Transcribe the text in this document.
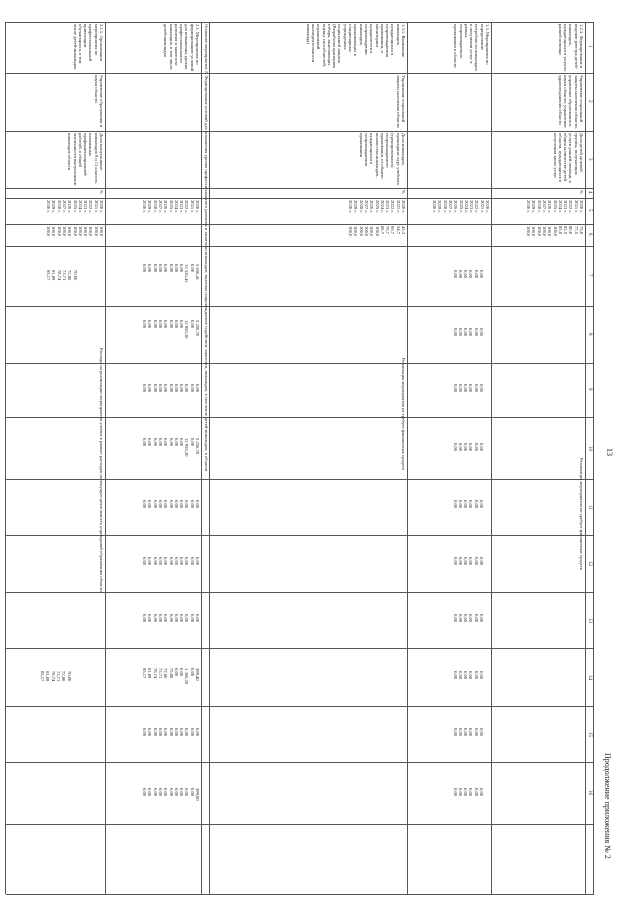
13
Продолжение приложения № 2
1
2
3
4
5
6
7
8
9
10
11
12
13
14
15
16
1.2.3. Формирование и ведение реестра детей-инвалидов, нуждающихся в услугах ранней помощи
Управление социальной защиты населения области, управление образования и науки области, управление здравоохранения области
Доля детей целевой группы, получающих услуги ранней помощи, в общем количестве детей области, нуждающихся в получении таких услуг
%
2020 г.
2021 г.
2022 г.
2023 г.
2024 г.
2025 г.
2026 г.
2027 г.
2028 г.
2029 г.
2030 г.
75,0
77,5
80,0
82,5
85,0
100,0
100,0
100,0
100,0
100,0
100,0
Реализация мероприятия не требует финансовых средств
1.3. Мероприятия по определению потребности инвалидов в получении услуг в рамках сопровождаемого проживания в области
2020 г.
2021 г.
2022 г.
2023 г.
2024 г.
2025 г.
2026 г.
2027 г.
2028 г.
2029 г.
2030 г.
0,00
0,00
0,00
0,00
0,00
0,00
0,00
0,00
0,00
0,00
0,00
0,00
0,00
0,00
0,00
0,00
0,00
0,00
0,00
0,00
0,00
0,00
0,00
0,00
0,00
0,00
0,00
0,00
0,00
0,00
0,00
0,00
0,00
0,00
0,00
0,00
0,00
0,00
0,00
0,00
0,00
0,00
0,00
0,00
0,00
0,00
0,00
0,00
0,00
0,00
0,00
0,00
0,00
0,00
0,00
0,00
0,00
0,00
0,00
0,00
1.3.1. Выявление инвалидов, нуждающихся в сопровождаемом проживании, и мониторинг нуждаемости в сопровождении инвалидов, проживающих в стационарных учреждениях социальной защиты (Разработка критериев отбора, включающих оценку способностей, ограничений жизнедеятельности инвалида)
Управление социальной защиты населения области
Доля инвалидов, прошедших курс учебного (тренировочного) сопровождаемого проживания, от общего количества инвалидов, нуждающихся в сопровождаемом проживании
%
2020 г.
2021 г.
2022 г.
2023 г.
2024 г.
2025 г.
2026 г.
2027 г.
2028 г.
2029 г.
2030 г.
43,3
54,7
66,7
76,7
86,7
100,0
100,0
100,0
100,0
100,0
100,0
Реализация мероприятия не требует финансовых средств
Основное мероприятие 2. Формирование условий для повышения уровня профессионального развития и занятости инвалидов, включая сопровождаемое содействие занятости, инвалидов, в том числе детей-инвалидов, в области
2.1. Мероприятия по формированию условий для повышения уровня профессионального развития и занятости инвалидов, в том числе детей-инвалидов
2020 г.
2021 г.
2022 г.
2023 г.
2024 г.
2025 г.
2026 г.
2027 г.
2028 г.
2029 г.
2030 г.
5 656,41
0,00
13 335,43
0,00
0,00
0,00
0,00
0,00
0,00
0,00
0,00
5 256,70
0,00
12 956,30
0,00
0,00
0,00
0,00
0,00
0,00
0,00
0,00
0,00
0,00
0,00
0,00
0,00
0,00
0,00
0,00
0,00
0,00
0,00
5 256,70
0,00
12 956,20
0,00
0,00
0,00
0,00
0,00
0,00
0,00
0,00
0,00
0,00
0,00
0,00
0,00
0,00
0,00
0,00
0,00
0,00
0,00
0,00
0,00
0,00
0,00
0,00
0,00
0,00
0,00
0,00
0,00
0,00
0,00
0,00
0,00
0,00
0,00
0,00
0,00
0,00
0,00
0,00
0,00
399,40
0,00
1 366,20
0,00
0,00
75,80
72,80
73,71
78,74
81,89
85,17
0,00
0,00
0,00
0,00
0,00
0,00
0,00
0,00
0,00
0,00
0,00
399,00
0,00
0,00
0,00
0,00
0,00
0,00
0,00
0,00
0,00
0,00
2.1.1. Организация мероприятия по профессиональной ориентации обучающихся, в том числе детей-инвалидов
Управление образования и науки области
Доля выпускников-инвалидов 9 и 11 классов, охваченных профориентационной работой, в общей численности выпускников-инвалидов области
%
2020 г.
2021 г.
2022 г.
2023 г.
2024 г.
2025 г.
2026 г.
2027 г.
2028 г.
2029 г.
2030 г.
100,0
100,0
100,0
100,0
100,0
100,0
100,0
100,0
100,0
100,0
100,0

70,00
72,80
73,71
78,74
81,89
85,17
Расходы на реализацию мероприятия учтены в рамках расходов на текущую деятельность учреждений образования области

70,00
72,80
73,71
78,74
81,89
85,17
